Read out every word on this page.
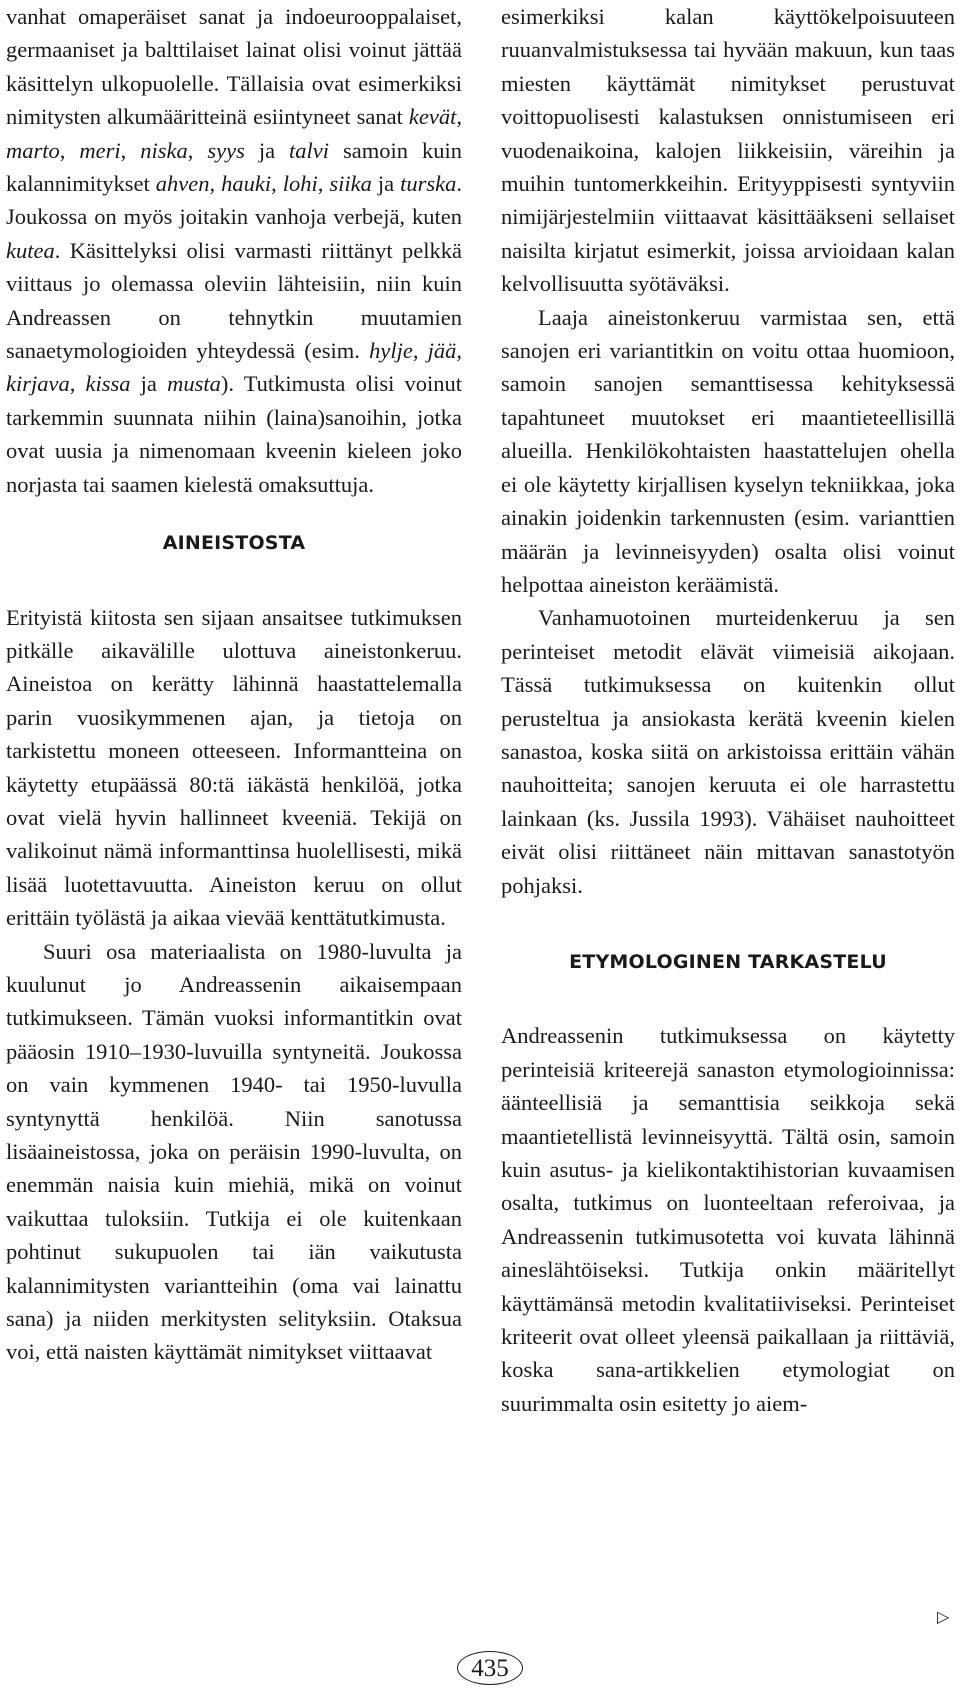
vanhat omaperäiset sanat ja indoeurooppalaiset, germaaniset ja balttilaiset lainat olisi voinut jättää käsittelyn ulkopuolelle. Tällaisia ovat esimerkiksi nimitysten alkumääritteinä esiintyneet sanat kevät, marto, meri, niska, syys ja talvi samoin kuin kalannimitykset ahven, hauki, lohi, siika ja turska. Joukossa on myös joitakin vanhoja verbejä, kuten kutea. Käsittelyksi olisi varmasti riittänyt pelkkä viittaus jo olemassa oleviin lähteisiin, niin kuin Andreassen on tehnytkin muutamien sanaetymologioiden yhteydessä (esim. hylje, jää, kirjava, kissa ja musta). Tutkimusta olisi voinut tarkemmin suunnata niihin (laina)sanoihin, jotka ovat uusia ja nimenomaan kveenin kieleen joko norjasta tai saamen kielestä omaksuttuja.

AINEISTOSTA

Erityistä kiitosta sen sijaan ansaitsee tutkimuksen pitkälle aikavälille ulottuva aineistonkeruu. Aineistoa on kerätty lähinnä haastattelemalla parin vuosikymmenen ajan, ja tietoja on tarkistettu moneen otteeseen. Informantteina on käytetty etupäässä 80:tä iäkästä henkilöä, jotka ovat vielä hyvin hallinneet kveeniä. Tekijä on valikoinut nämä informanttinsa huolellisesti, mikä lisää luotettavuutta. Aineiston keruu on ollut erittäin työlästä ja aikaa vievää kenttätutkimusta.

Suuri osa materiaalista on 1980-luvulta ja kuulunut jo Andreassenin aikaisempaan tutkimukseen. Tämän vuoksi informantitkin ovat pääosin 1910–1930-luvuilla syntyneitä. Joukossa on vain kymmenen 1940- tai 1950-luvulla syntynyttä henkilöä. Niin sanotussa lisäaineistossa, joka on peräisin 1990-luvulta, on enemmän naisia kuin miehiä, mikä on voinut vaikuttaa tuloksiin. Tutkija ei ole kuitenkaan pohtinut sukupuolen tai iän vaikutusta kalannimitysten variantteihin (oma vai lainattu sana) ja niiden merkitysten selityksiin. Otaksua voi, että naisten käyttämät nimitykset viittaavat

esimerkiksi kalan käyttökelpoisuuteen ruuanvalmistuksessa tai hyvään makuun, kun taas miesten käyttämät nimitykset perustuvat voittopuolisesti kalastuksen onnistumiseen eri vuodenaikoina, kalojen liikkeisiin, väreihin ja muihin tuntomerkkeihin. Erityyppisesti syntyviin nimijärjestelmiin viittaavat käsittääkseni sellaiset naisilta kirjatut esimerkit, joissa arvioidaan kalan kelvollisuutta syötäväksi.

Laaja aineistonkeruu varmistaa sen, että sanojen eri variantitkin on voitu ottaa huomioon, samoin sanojen semanttisessa kehityksessä tapahtuneet muutokset eri maantieteellisillä alueilla. Henkilökohtaisten haastattelujen ohella ei ole käytetty kirjallisen kyselyn tekniikkaa, joka ainakin joidenkin tarkennusten (esim. varianttien määrän ja levinneisyyden) osalta olisi voinut helpottaa aineiston keräämistä.

Vanhamuotoinen murteidenkeruu ja sen perinteiset metodit elävät viimeisiä aikojaan. Tässä tutkimuksessa on kuitenkin ollut perusteltua ja ansiokasta kerätä kveenin kielen sanastoa, koska siitä on arkistoissa erittäin vähän nauhoitteita; sanojen keruuta ei ole harrastettu lainkaan (ks. Jussila 1993). Vähäiset nauhoitteet eivät olisi riittäneet näin mittavan sanastotyön pohjaksi.

ETYMOLOGINEN TARKASTELU

Andreassenin tutkimuksessa on käytetty perinteisiä kriteerejä sanaston etymologioinnissa: äänteellisiä ja semanttisia seikkoja sekä maantietellistä levinneisyyttä. Tältä osin, samoin kuin asutus- ja kielikontaktihistorian kuvaamisen osalta, tutkimus on luonteeltaan referoivaa, ja Andreassenin tutkimusotetta voi kuvata lähinnä aineslähtöiseksi. Tutkija onkin määritellyt käyttämänsä metodin kvalitatiiviseksi. Perinteiset kriteerit ovat olleet yleensä paikallaan ja riittäviä, koska sana-artikkelien etymologiat on suurimmalta osin esitetty jo aiem-

▷
435
